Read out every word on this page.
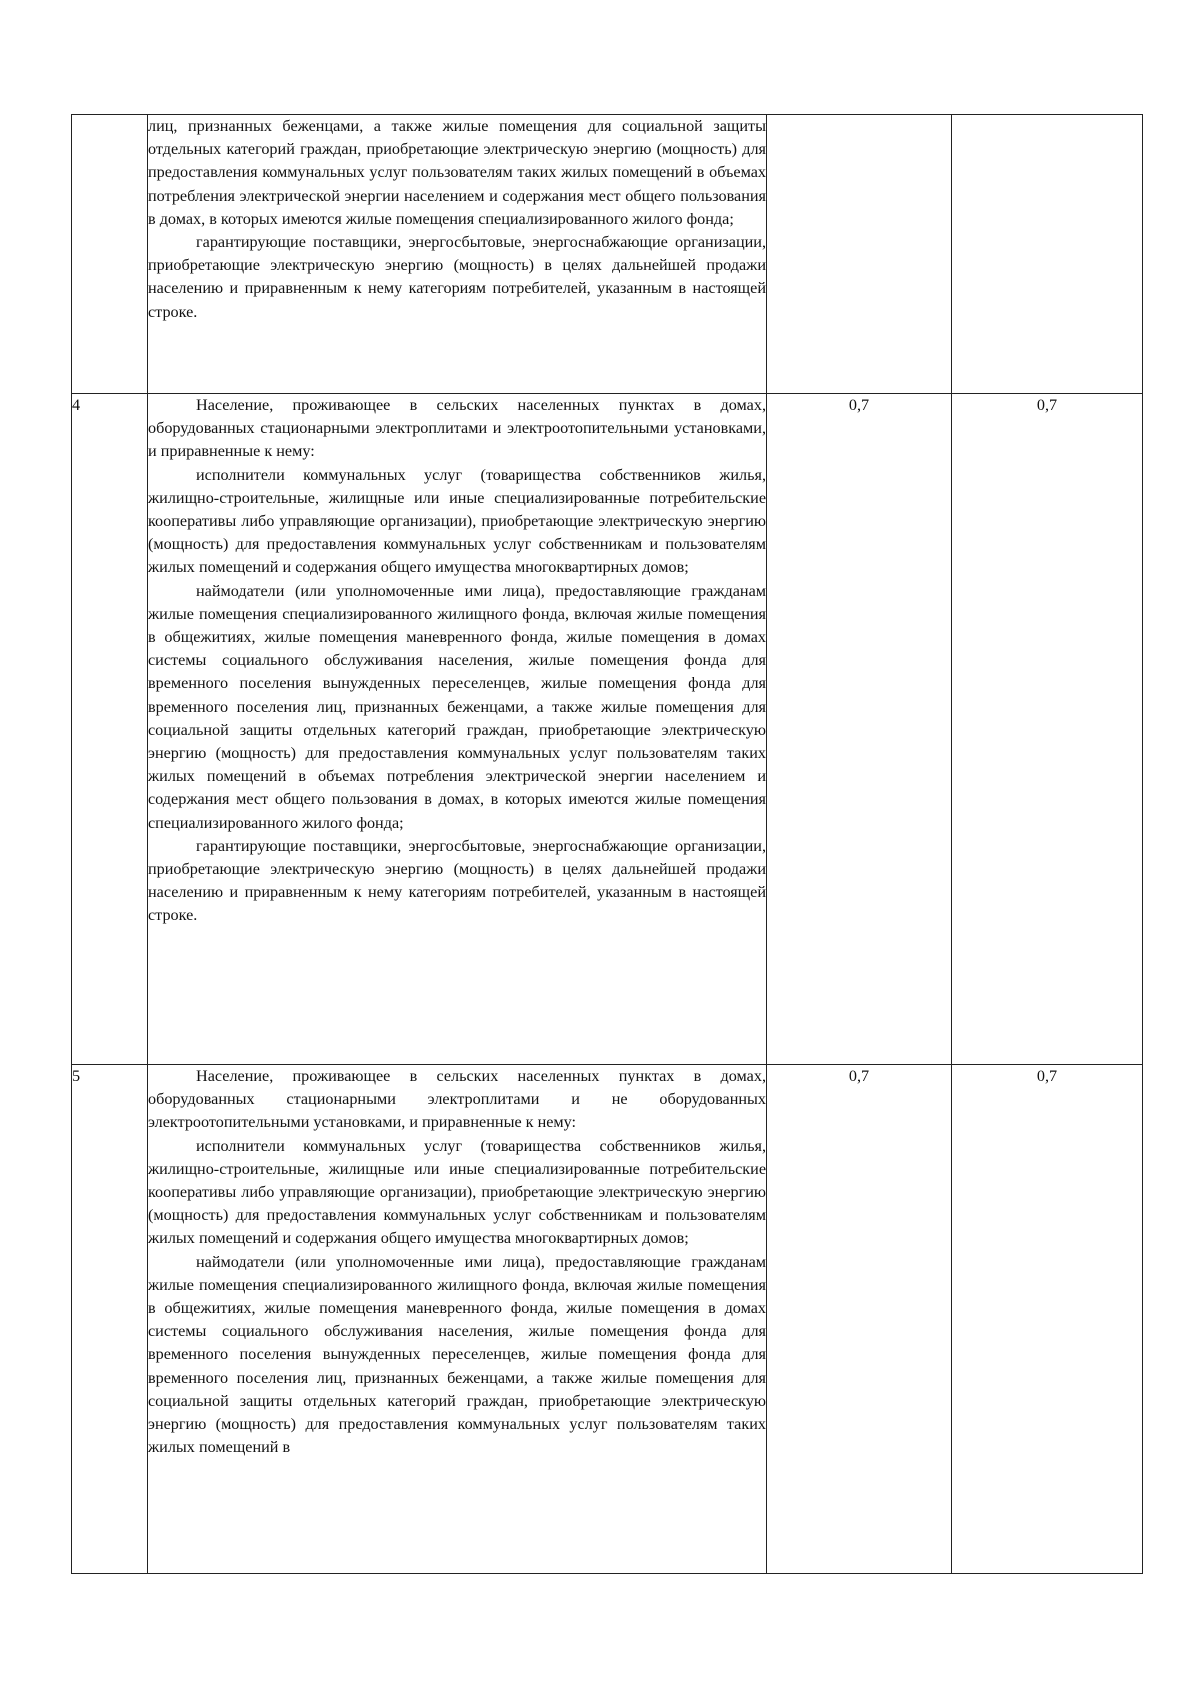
	лиц, признанных беженцами, а также жилые помещения для социальной защиты отдельных категорий граждан, приобретающие электрическую энергию (мощность) для предоставления коммунальных услуг пользователям таких жилых помещений в объемах потребления электрической энергии населением и содержания мест общего пользования в домах, в которых имеются жилые помещения специализированного жилого фонда;

гарантирующие поставщики, энергосбытовые, энергоснабжающие организации, приобретающие электрическую энергию (мощность) в целях дальнейшей продажи населению и приравненным к нему категориям потребителей, указанным в настоящей строке.		

4	Население, проживающее в сельских населенных пунктах в домах, оборудованных стационарными электроплитами и электроотопительными установками, и приравненные к нему:

исполнители коммунальных услуг (товарищества собственников жилья, жилищно-строительные, жилищные или иные специализированные потребительские кооперативы либо управляющие организации), приобретающие электрическую энергию (мощность) для предоставления коммунальных услуг собственникам и пользователям жилых помещений и содержания общего имущества многоквартирных домов;

наймодатели (или уполномоченные ими лица), предоставляющие гражданам жилые помещения специализированного жилищного фонда, включая жилые помещения в общежитиях, жилые помещения маневренного фонда, жилые помещения в домах системы социального обслуживания населения, жилые помещения фонда для временного поселения вынужденных переселенцев, жилые помещения фонда для временного поселения лиц, признанных беженцами, а также жилые помещения для социальной защиты отдельных категорий граждан, приобретающие электрическую энергию (мощность) для предоставления коммунальных услуг пользователям таких жилых помещений в объемах потребления электрической энергии населением и содержания мест общего пользования в домах, в которых имеются жилые помещения специализированного жилого фонда;

гарантирующие поставщики, энергосбытовые, энергоснабжающие организации, приобретающие электрическую энергию (мощность) в целях дальнейшей продажи населению и приравненным к нему категориям потребителей, указанным в настоящей строке.	0,7	0,7
5	Население, проживающее в сельских населенных пунктах в домах, оборудованных стационарными электроплитами и не оборудованных электроотопительными установками, и приравненные к нему:

исполнители коммунальных услуг (товарищества собственников жилья, жилищно-строительные, жилищные или иные специализированные потребительские кооперативы либо управляющие организации), приобретающие электрическую энергию (мощность) для предоставления коммунальных услуг собственникам и пользователям жилых помещений и содержания общего имущества многоквартирных домов;

наймодатели (или уполномоченные ими лица), предоставляющие гражданам жилые помещения специализированного жилищного фонда, включая жилые помещения в общежитиях, жилые помещения маневренного фонда, жилые помещения в домах системы социального обслуживания населения, жилые помещения фонда для временного поселения вынужденных переселенцев, жилые помещения фонда для временного поселения лиц, признанных беженцами, а также жилые помещения для социальной защиты отдельных категорий граждан, приобретающие электрическую энергию (мощность) для предоставления коммунальных услуг пользователям таких жилых помещений в	0,7	0,7
